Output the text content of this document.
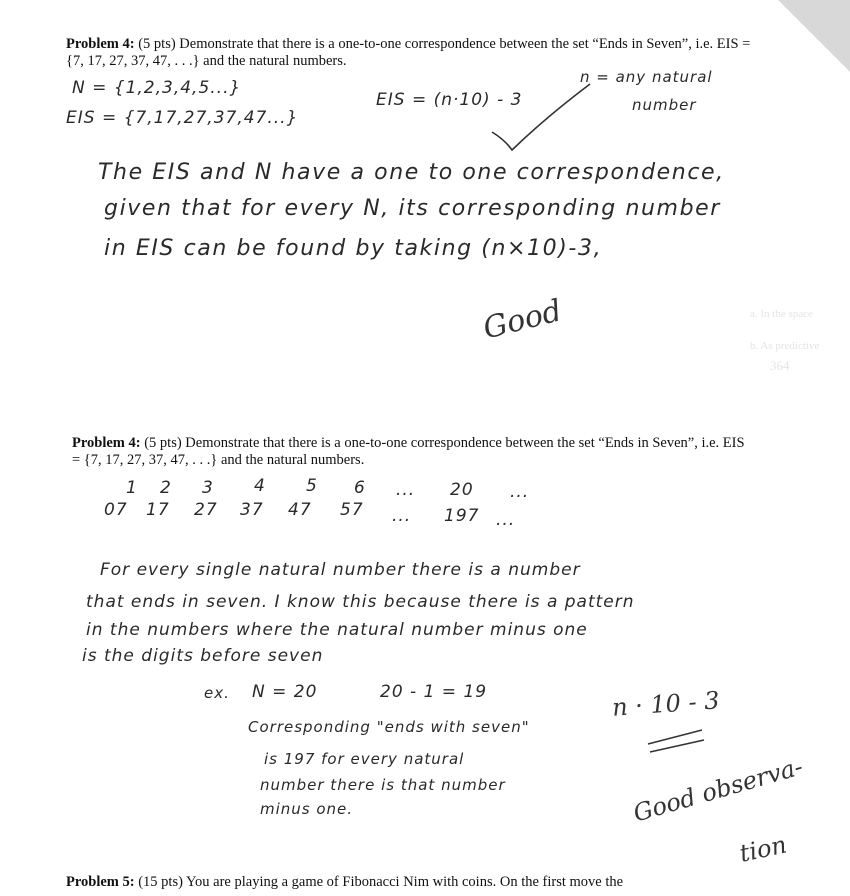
a. In the space
b. As predictive
364
Problem 4: (5 pts) Demonstrate that there is a one-to-one correspondence between the set “Ends in Seven”, i.e. EIS = {7, 17, 27, 37, 47, . . .} and the natural numbers.
N = {1,2,3,4,5...}
EIS = {7,17,27,37,47...}
EIS = (n·10) - 3
n = any natural
number
The EIS and N have a one to one correspondence,
given that for every N, its corresponding number
in EIS can be found by taking (n×10)-3,
Good
Problem 4: (5 pts) Demonstrate that there is a one-to-one correspondence between the set “Ends in Seven”, i.e. EIS = {7, 17, 27, 37, 47, . . .} and the natural numbers.
1 2 3 4 5 6 ... 20 ...
07 17 27 37 47 57 ... 197 ...
For every single natural number there is a number
that ends in seven. I know this because there is a pattern
in the numbers where the natural number minus one
is the digits before seven
ex. N = 20	20 - 1 = 19
Corresponding "ends with seven"
is 197 for every natural
number there is that number
minus one.
n · 10 - 3
Good observa-
tion
Problem 5: (15 pts) You are playing a game of Fibonacci Nim with coins. On the first move the
